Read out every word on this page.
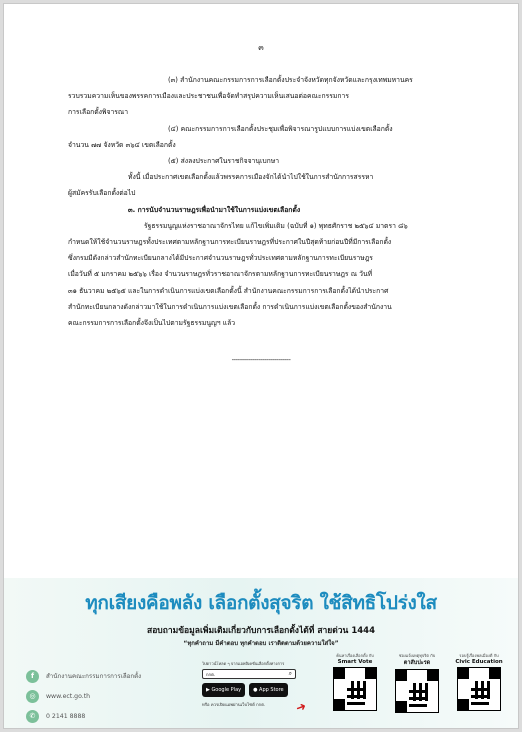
๓

(๓) สำนักงานคณะกรรมการการเลือกตั้งประจำจังหวัดทุกจังหวัดและกรุงเทพมหานคร

รวบรวมความเห็นของพรรคการเมืองและประชาชนเพื่อจัดทำสรุปความเห็นเสนอต่อคณะกรรมการ

การเลือกตั้งพิจารณา

(๔) คณะกรรมการการเลือกตั้งประชุมเพื่อพิจารณารูปแบบการแบ่งเขตเลือกตั้ง

จำนวน ๗๗ จังหวัด ๓๖๔ เขตเลือกตั้ง

(๕) ส่งลงประกาศในราชกิจจานุเบกษา

ทั้งนี้ เมื่อประกาศเขตเลือกตั้งแล้วพรรคการเมืองจักได้นำไปใช้ในการสำนักการสรรหา

ผู้สมัครรับเลือกตั้งต่อไป

๓. การนับจำนวนราษฎรเพื่อนำมาใช้ในการแบ่งเขตเลือกตั้ง

รัฐธรรมนูญแห่งราชอาณาจักรไทย แก้ไขเพิ่มเติม (ฉบับที่ ๑) พุทธศักราช ๒๕๖๔ มาตรา ๘๖

กำหนดให้ใช้จำนวนราษฎรทั้งประเทศตามหลักฐานการทะเบียนราษฎรที่ประกาศในปีสุดท้ายก่อนปีที่มีการเลือกตั้ง

ซึ่งกรมมีดังกล่าวสำนักทะเบียนกลางได้มีประกาศจำนวนราษฎรทั่วประเทศตามหลักฐานการทะเบียนราษฎร

เมื่อวันที่ ๕ มกราคม ๒๕๖๖ เรื่อง จำนวนราษฎรทั่วราชอาณาจักรตามหลักฐานการทะเบียนราษฎร ณ วันที่

๓๑ ธันวาคม ๒๕๖๕ และในการดำเนินการแบ่งเขตเลือกตั้งนี้ สำนักงานคณะกรรมการการเลือกตั้งได้นำประกาศ

สำนักทะเบียนกลางดังกล่าวมาใช้ในการดำเนินการแบ่งเขตเลือกตั้ง การดำเนินการแบ่งเขตเลือกตั้งของสำนักงาน

คณะกรรมการการเลือกตั้งจึงเป็นไปตามรัฐธรรมนูญฯ แล้ว

-----------------------------
ทุกเสียงคือพลัง เลือกตั้งสุจริต ใช้สิทธิโปร่งใส
สอบถามข้อมูลเพิ่มเติมเกี่ยวกับการเลือกตั้งได้ที่ สายด่วน 1444
“ทุกคำถาม มีคำตอบ ทุกคำตอบ เราติดตามด้วยความใส่ใจ”
f	สำนักงานคณะกรรมการการเลือกตั้ง
◎	www.ect.go.th
✆	0 2141 8888
ไปดาวน์โหลด ๆ จากแอพลิเคชั่นเลือกตั้งทางการ
กกต.	⌕
▶ Google Play ● App Store
หรือ ควรเปิดแอพผ่านเว็บไซต์ กกต.	➜
ค้นหาเรื่องเลือกตั้ง กับ
Smart Vote
ช่องแจ้งเหตุทุจริต กับ
ตาสับปะรด
รอบรู้เรื่องพลเมืองดี กับ
Civic Education
